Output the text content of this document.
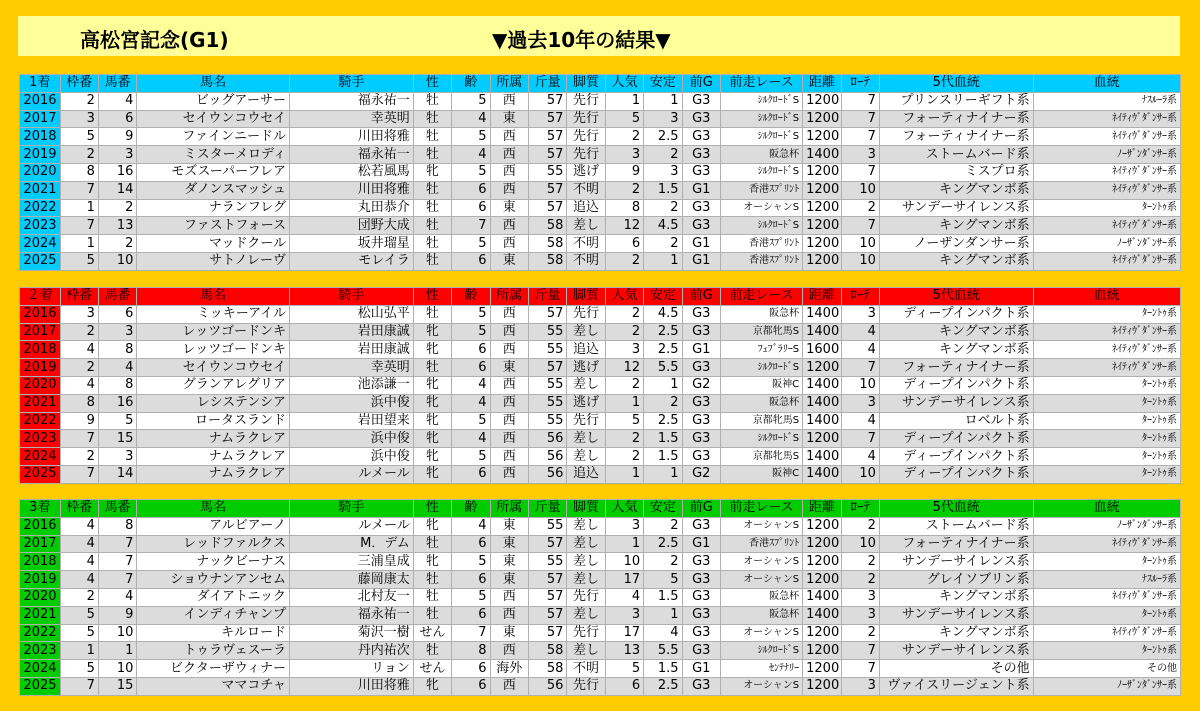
高松宮記念(G1)	▼過去10年の結果▼
1着	枠番	馬番	馬名	騎手	性	齢	所属	斤量	脚質	人気	安定	前G	前走レース	距離	ﾛｰﾃ	5代血統	血統
2016	2	4	ビッグアーサー	福永祐一	牡	5	西	57	先行	1	1	G3	ｼﾙｸﾛｰﾄﾞS	1200	7	プリンスリーギフト系	ﾅｽﾙｰﾗ系
2017	3	6	セイウンコウセイ	幸英明	牡	4	東	57	先行	5	3	G3	ｼﾙｸﾛｰﾄﾞS	1200	7	フォーティナイナー系	ﾈｲﾃｨｳﾞﾀﾞﾝｻｰ系
2018	5	9	ファインニードル	川田将雅	牡	5	西	57	先行	2	2.5	G3	ｼﾙｸﾛｰﾄﾞS	1200	7	フォーティナイナー系	ﾈｲﾃｨｳﾞﾀﾞﾝｻｰ系
2019	2	3	ミスターメロディ	福永祐一	牡	4	西	57	先行	3	2	G3	阪急杯	1400	3	ストームバード系	ﾉｰｻﾞﾝﾀﾞﾝｻｰ系
2020	8	16	モズスーパーフレア	松若風馬	牝	5	西	55	逃げ	9	3	G3	ｼﾙｸﾛｰﾄﾞS	1200	7	ミスプロ系	ﾈｲﾃｨｳﾞﾀﾞﾝｻｰ系
2021	7	14	ダノンスマッシュ	川田将雅	牡	6	西	57	不明	2	1.5	G1	香港ｽﾌﾟﾘﾝﾄ	1200	10	キングマンボ系	ﾈｲﾃｨｳﾞﾀﾞﾝｻｰ系
2022	1	2	ナランフレグ	丸田恭介	牡	6	東	57	追込	8	2	G3	オーシャンS	1200	2	サンデーサイレンス系	ﾀｰﾝﾄｩ系
2023	7	13	ファストフォース	団野大成	牡	7	西	58	差し	12	4.5	G3	ｼﾙｸﾛｰﾄﾞS	1200	7	キングマンボ系	ﾈｲﾃｨｳﾞﾀﾞﾝｻｰ系
2024	1	2	マッドクール	坂井瑠星	牡	5	西	58	不明	6	2	G1	香港ｽﾌﾟﾘﾝﾄ	1200	10	ノーザンダンサー系	ﾉｰｻﾞﾝﾀﾞﾝｻｰ系
2025	5	10	サトノレーヴ	モレイラ	牡	6	東	58	不明	2	1	G1	香港ｽﾌﾟﾘﾝﾄ	1200	10	キングマンボ系	ﾈｲﾃｨｳﾞﾀﾞﾝｻｰ系
２着	枠番	馬番	馬名	騎手	性	齢	所属	斤量	脚質	人気	安定	前G	前走レース	距離	ﾛｰﾃ	5代血統	血統
2016	3	6	ミッキーアイル	松山弘平	牡	5	西	57	先行	2	4.5	G3	阪急杯	1400	3	ディープインパクト系	ﾀｰﾝﾄｩ系
2017	2	3	レッツゴードンキ	岩田康誠	牝	5	西	55	差し	2	2.5	G3	京都牝馬S	1400	4	キングマンボ系	ﾈｲﾃｨｳﾞﾀﾞﾝｻｰ系
2018	4	8	レッツゴードンキ	岩田康誠	牝	6	西	55	追込	3	2.5	G1	ﾌｪﾌﾞﾗﾘｰS	1600	4	キングマンボ系	ﾈｲﾃｨｳﾞﾀﾞﾝｻｰ系
2019	2	4	セイウンコウセイ	幸英明	牡	6	東	57	逃げ	12	5.5	G3	ｼﾙｸﾛｰﾄﾞS	1200	7	フォーティナイナー系	ﾈｲﾃｨｳﾞﾀﾞﾝｻｰ系
2020	4	8	グランアレグリア	池添謙一	牝	4	西	55	差し	2	1	G2	阪神C	1400	10	ディープインパクト系	ﾀｰﾝﾄｩ系
2021	8	16	レシステンシア	浜中俊	牝	4	西	55	逃げ	1	2	G3	阪急杯	1400	3	サンデーサイレンス系	ﾀｰﾝﾄｩ系
2022	9	5	ロータスランド	岩田望来	牝	5	西	55	先行	5	2.5	G3	京都牝馬S	1400	4	ロベルト系	ﾀｰﾝﾄｩ系
2023	7	15	ナムラクレア	浜中俊	牝	4	西	56	差し	2	1.5	G3	ｼﾙｸﾛｰﾄﾞS	1200	7	ディープインパクト系	ﾀｰﾝﾄｩ系
2024	2	3	ナムラクレア	浜中俊	牝	5	西	56	差し	2	1.5	G3	京都牝馬S	1400	4	ディープインパクト系	ﾀｰﾝﾄｩ系
2025	7	14	ナムラクレア	ルメール	牝	6	西	56	追込	1	1	G2	阪神C	1400	10	ディープインパクト系	ﾀｰﾝﾄｩ系
3着	枠番	馬番	馬名	騎手	性	齢	所属	斤量	脚質	人気	安定	前G	前走レース	距離	ﾛｰﾃ	5代血統	血統
2016	4	8	アルビアーノ	ルメール	牝	4	東	55	差し	3	2	G3	オーシャンS	1200	2	ストームバード系	ﾉｰｻﾞﾝﾀﾞﾝｻｰ系
2017	4	7	レッドファルクス	M．デム	牡	6	東	57	差し	1	2.5	G1	香港ｽﾌﾟﾘﾝﾄ	1200	10	フォーティナイナー系	ﾈｲﾃｨｳﾞﾀﾞﾝｻｰ系
2018	4	7	ナックビーナス	三浦皇成	牝	5	東	55	差し	10	2	G3	オーシャンS	1200	2	サンデーサイレンス系	ﾀｰﾝﾄｩ系
2019	4	7	ショウナンアンセム	藤岡康太	牡	6	東	57	差し	17	5	G3	オーシャンS	1200	2	グレイソブリン系	ﾅｽﾙｰﾗ系
2020	2	4	ダイアトニック	北村友一	牡	5	西	57	先行	4	1.5	G3	阪急杯	1400	3	キングマンボ系	ﾈｲﾃｨｳﾞﾀﾞﾝｻｰ系
2021	5	9	インディチャンプ	福永祐一	牡	6	西	57	差し	3	1	G3	阪急杯	1400	3	サンデーサイレンス系	ﾀｰﾝﾄｩ系
2022	5	10	キルロード	菊沢一樹	せん	7	東	57	先行	17	4	G3	オーシャンS	1200	2	キングマンボ系	ﾈｲﾃｨｳﾞﾀﾞﾝｻｰ系
2023	1	1	トゥラヴェスーラ	丹内祐次	牡	8	西	58	差し	13	5.5	G3	ｼﾙｸﾛｰﾄﾞS	1200	7	サンデーサイレンス系	ﾀｰﾝﾄｩ系
2024	5	10	ビクターザウィナー	リョン	せん	6	海外	58	不明	5	1.5	G1	ｾﾝﾃﾅﾘｰ	1200	7	その他	その他
2025	7	15	ママコチャ	川田将雅	牝	6	西	56	先行	6	2.5	G3	オーシャンS	1200	3	ヴァイスリージェント系	ﾉｰｻﾞﾝﾀﾞﾝｻｰ系
